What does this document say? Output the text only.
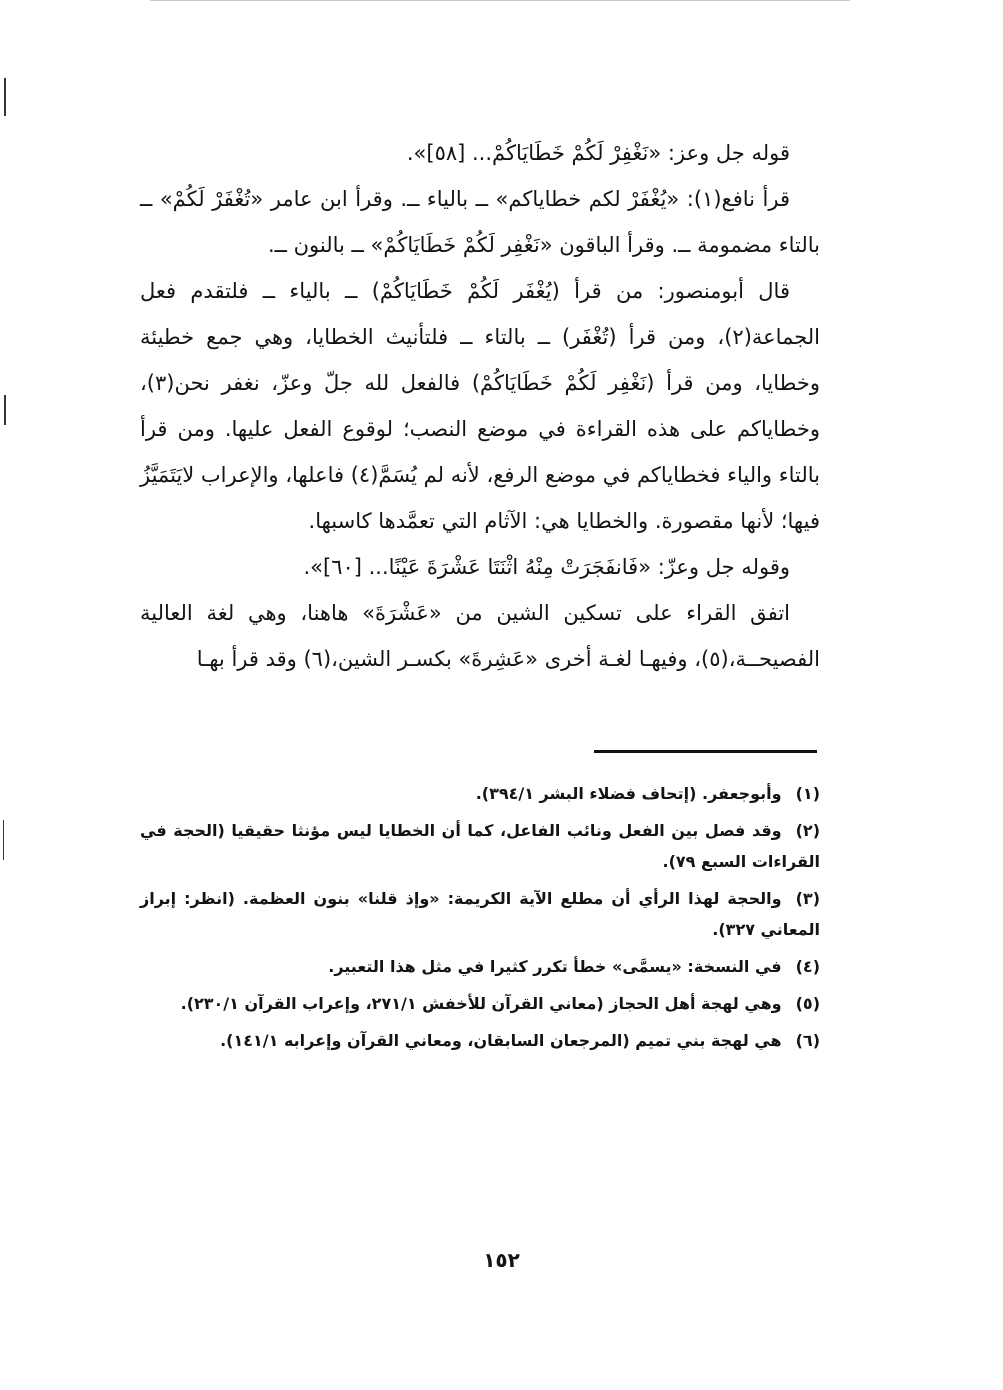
قوله جل وعز: «نَغْفِرْ لَكُمْ خَطَايَاكُمْ... [٥٨]».

قرأ نافع(١): «يُغْفَرْ لكم خطاياكم» ــ بالياء ــ. وقرأ ابن عامر «تُغْفَرْ لَكُمْ» ــ بالتاء مضمومة ــ. وقرأ الباقون «نَغْفِر لَكُمْ خَطَايَاكُمْ» ــ بالنون ــ.

قال أبومنصور: من قرأ (يُغْفَر لَكُمْ خَطَايَاكُمْ) ــ بالياء ــ فلتقدم فعل الجماعة(٢)، ومن قرأ (تُغْفَر) ــ بالتاء ــ فلتأنيث الخطايا، وهي جمع خطيئة وخطايا، ومن قرأ (نَغْفِر لَكُمْ خَطَايَاكُمْ) فالفعل لله جلّ وعزّ، نغفر نحن(٣)، وخطاياكم على هذه القراءة في موضع النصب؛ لوقوع الفعل عليها. ومن قرأ بالتاء والياء فخطاياكم في موضع الرفع، لأنه لم يُسَمَّ(٤) فاعلها، والإعراب لايَتَمَيَّزُ فيها؛ لأنها مقصورة. والخطايا هي: الآثام التي تعمَّدها كاسبها.

وقوله جل وعزّ: «فَانفَجَرَتْ مِنْهُ اثْنَتَا عَشْرَةَ عَيْنًا... [٦٠]».

اتفق القراء على تسكين الشين من «عَشْرَةَ» هاهنا، وهي لغة العالية الفصيحــة،(٥)، وفيهـا لغـة أخرى «عَشِرةَ» بكسـر الشين،(٦) وقد قرأ بهـا

(١)وأبوجعفر. (إتحاف فضلاء البشر ٣٩٤/١).
(٢)وقد فصل بين الفعل ونائب الفاعل، كما أن الخطايا ليس مؤنثا حقيقيا (الحجة في القراءات السبع ٧٩).
(٣)والحجة لهذا الرأي أن مطلع الآية الكريمة: «وإذ قلنا» بنون العظمة. (انظر: إبراز المعاني ٣٢٧).
(٤)في النسخة: «يسمَّى» خطأ تكرر كثيرا في مثل هذا التعبير.
(٥)وهي لهجة أهل الحجاز (معاني القرآن للأخفش ٢٧١/١، وإعراب القرآن ٢٣٠/١).
(٦)هي لهجة بني تميم (المرجعان السابقان، ومعاني القرآن وإعرابه ١٤١/١).
١٥٢
